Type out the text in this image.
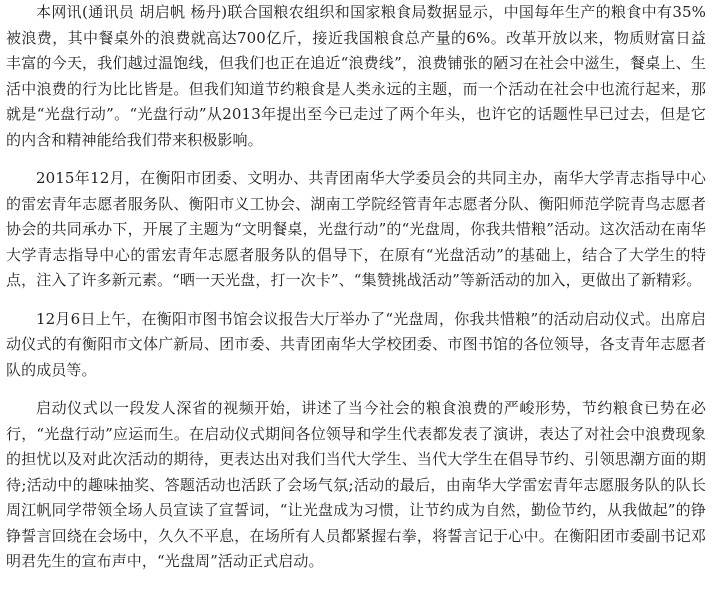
本网讯(通讯员 胡启帆 杨丹)联合国粮农组织和国家粮食局数据显示，中国每年生产的粮食中有35%被浪费，其中餐桌外的浪费就高达700亿斤，接近我国粮食总产量的6%。改革开放以来，物质财富日益丰富的今天，我们越过温饱线，但我们也正在追近“浪费线”，浪费铺张的陋习在社会中滋生，餐桌上、生活中浪费的行为比比皆是。但我们知道节约粮食是人类永远的主题，而一个活动在社会中也流行起来，那就是“光盘行动”。“光盘行动”从2013年提出至今已走过了两个年头，也许它的话题性早已过去，但是它的内含和精神能给我们带来积极影响。

2015年12月，在衡阳市团委、文明办、共青团南华大学委员会的共同主办，南华大学青志指导中心的雷宏青年志愿者服务队、衡阳市义工协会、湖南工学院经管青年志愿者分队、衡阳师范学院青鸟志愿者协会的共同承办下，开展了主题为“文明餐桌，光盘行动”的“光盘周，你我共惜粮”活动。这次活动在南华大学青志指导中心的雷宏青年志愿者服务队的倡导下，在原有“光盘活动”的基础上，结合了大学生的特点，注入了许多新元素。“晒一天光盘，打一次卡”、“集赞挑战活动”等新活动的加入，更做出了新精彩。

12月6日上午，在衡阳市图书馆会议报告大厅举办了“光盘周，你我共惜粮”的活动启动仪式。出席启动仪式的有衡阳市文体广新局、团市委、共青团南华大学校团委、市图书馆的各位领导，各支青年志愿者队的成员等。

启动仪式以一段发人深省的视频开始，讲述了当今社会的粮食浪费的严峻形势，节约粮食已势在必行，“光盘行动”应运而生。在启动仪式期间各位领导和学生代表都发表了演讲，表达了对社会中浪费现象的担忧以及对此次活动的期待，更表达出对我们当代大学生、当代大学生在倡导节约、引领思潮方面的期待;活动中的趣味抽奖、答题活动也活跃了会场气氛;活动的最后，由南华大学雷宏青年志愿服务队的队长周江帆同学带领全场人员宣读了宣誓词，“让光盘成为习惯，让节约成为自然，勤俭节约，从我做起”的铮铮誓言回绕在会场中，久久不平息，在场所有人员都紧握右拳，将誓言记于心中。在衡阳团市委副书记邓明君先生的宣布声中，“光盘周”活动正式启动。
